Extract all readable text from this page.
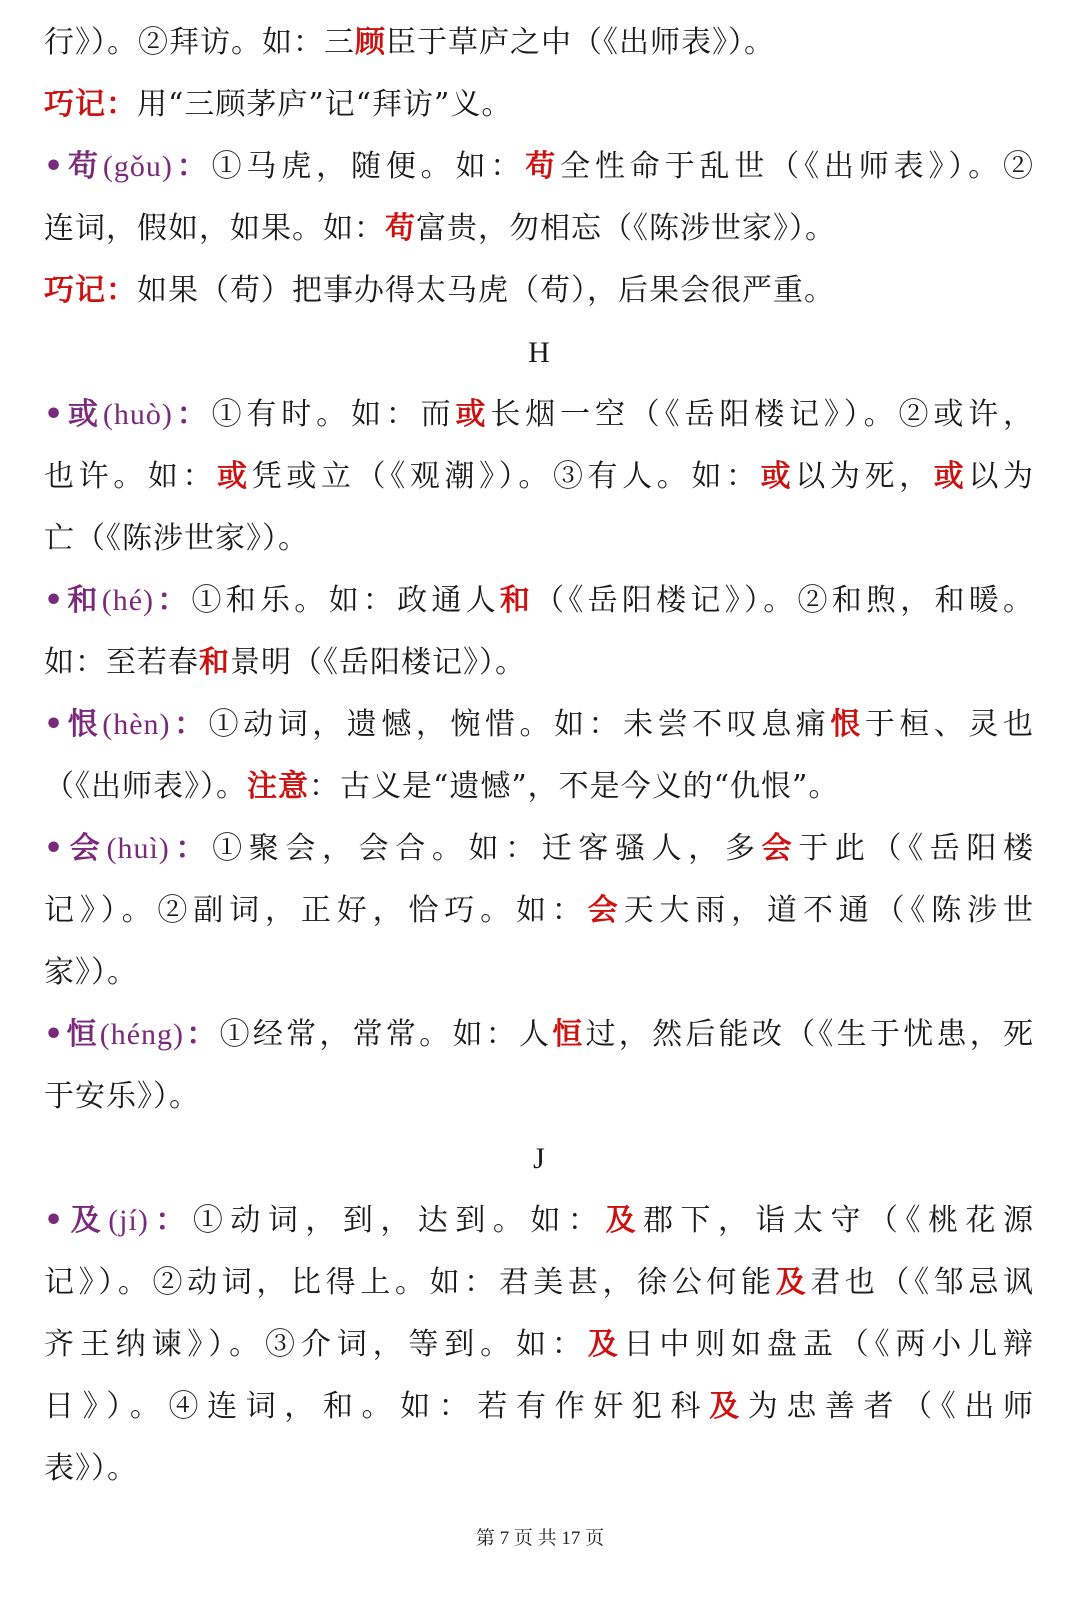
行》）。②拜访。如：三顾臣于草庐之中（《出师表》）。
巧记：用“三顾茅庐”记“拜访”义。
•苟(gǒu)：①马虎，随便。如：苟全性命于乱世（《出师表》）。②
连词，假如，如果。如：苟富贵，勿相忘（《陈涉世家》）。
巧记：如果（苟）把事办得太马虎（苟），后果会很严重。
H
•或(huò)：①有时。如：而或长烟一空（《岳阳楼记》）。②或许，
也许。如：或凭或立（《观潮》）。③有人。如：或以为死，或以为
亡（《陈涉世家》）。
•和(hé)：①和乐。如：政通人和（《岳阳楼记》）。②和煦，和暖。
如：至若春和景明（《岳阳楼记》）。
•恨(hèn)：①动词，遗憾，惋惜。如：未尝不叹息痛恨于桓、灵也
（《出师表》）。注意：古义是“遗憾”，不是今义的“仇恨”。
•会(huì)：①聚会，会合。如：迁客骚人，多会于此（《岳阳楼
记》）。②副词，正好，恰巧。如：会天大雨，道不通（《陈涉世
家》）。
•恒(héng)：①经常，常常。如：人恒过，然后能改（《生于忧患，死
于安乐》）。
J
•及(jí)：①动词，到，达到。如：及郡下，诣太守（《桃花源
记》）。②动词，比得上。如：君美甚，徐公何能及君也（《邹忌讽
齐王纳谏》）。③介词，等到。如：及日中则如盘盂（《两小儿辩
日》）。④连词，和。如：若有作奸犯科及为忠善者（《出师
表》）。
第 7 页 共 17 页
